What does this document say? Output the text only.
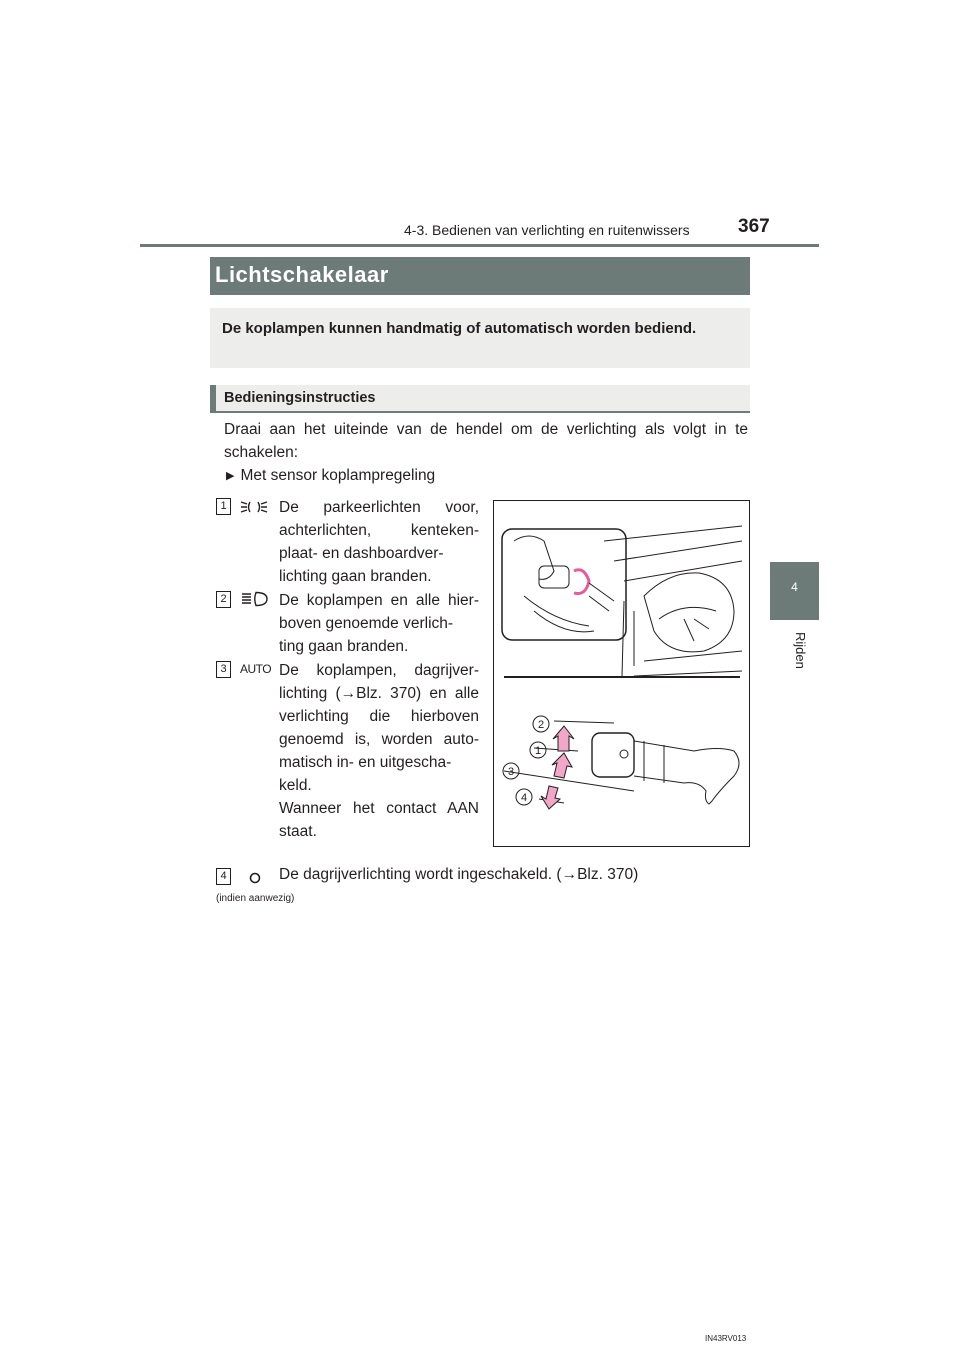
4-3. Bedienen van verlichting en ruitenwissers	367
4
Rijden
Lichtschakelaar
De koplampen kunnen handmatig of automatisch worden bediend.
Bedieningsinstructies
Draai aan het uiteinde van de hendel om de verlichting als volgt in te schakelen:
▶ Met sensor koplampregeling
1	De parkeerlichten voor, achterlichten, kenteken-plaat- en dashboardver-
lichting gaan branden.
2	De koplampen en alle hier-boven genoemde verlich-
ting gaan branden.
3	AUTO De koplampen, dagrijver-lichting (→Blz. 370) en alle verlichting die hierboven genoemd is, worden auto-matisch in- en uitgescha-
keld.
Wanneer het contact AAN
staat.
4	De dagrijverlichting wordt ingeschakeld. (→Blz. 370)
(indien aanwezig)
2
1
3
4
IN43RV013
